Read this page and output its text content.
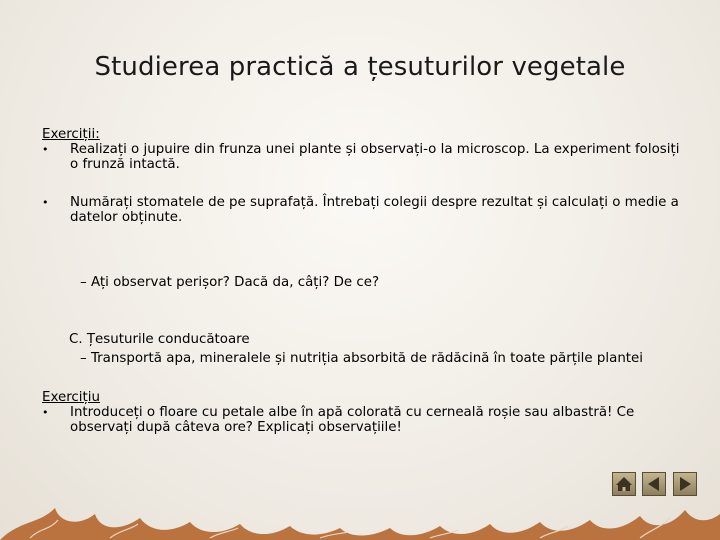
Studierea practică a țesuturilor vegetale
Exerciții:
• Realizați o jupuire din frunza unei plante și observați-o la microscop. La experiment folosiți o frunză intactă.
• Numărați stomatele de pe suprafață. Întrebați colegii despre rezultat și calculați o medie a datelor obținute.
– Ați observat perișor? Dacă da, câți? De ce?
C. Țesuturile conducătoare
– Transportă apa, mineralele și nutriția absorbită de rădăcină în toate părțile plantei
Exercițiu
• Introduceți o floare cu petale albe în apă colorată cu cerneală roșie sau albastră! Ce observați după câteva ore? Explicați observațiile!
